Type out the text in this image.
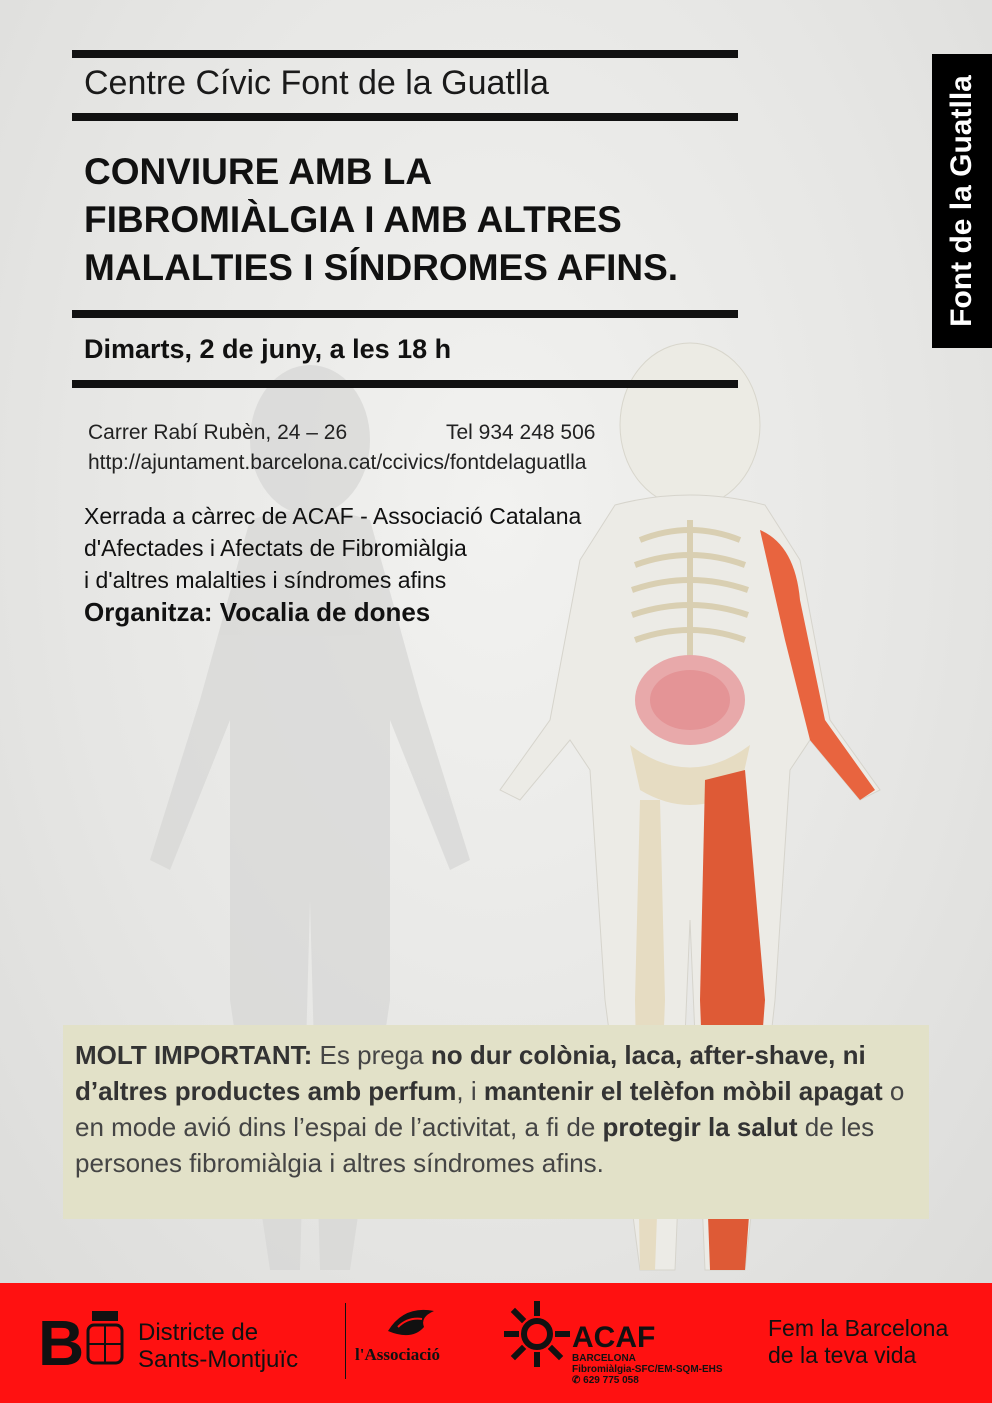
Centre Cívic Font de la Guatlla
CONVIURE AMB LA
FIBROMIÀLGIA I AMB ALTRES
MALALTIES I SÍNDROMES AFINS.
Dimarts, 2 de juny, a les 18 h
Carrer Rabí Rubèn, 24 – 26	Tel 934 248 506
http://ajuntament.barcelona.cat/ccivics/fontdelaguatlla
Xerrada a càrrec de ACAF - Associació Catalana
d'Afectades i Afectats de Fibromiàlgia
i d'altres malalties i síndromes afins
Organitza: Vocalia de dones
Font de la Guatlla
MOLT IMPORTANT: Es prega no dur colònia, laca, after-shave, ni d’altres productes amb perfum, i mantenir el telèfon mòbil apagat o en mode avió dins l’espai de l’activitat, a fi de protegir la salut de les persones fibromiàlgia i altres síndromes afins.
B Districte de
Sants-Montjuïc	l'Associació
ACAF
BARCELONA
Fibromiàlgia-SFC/EM-SQM-EHS
✆ 629 775 058
Fem la Barcelona
de la teva vida
